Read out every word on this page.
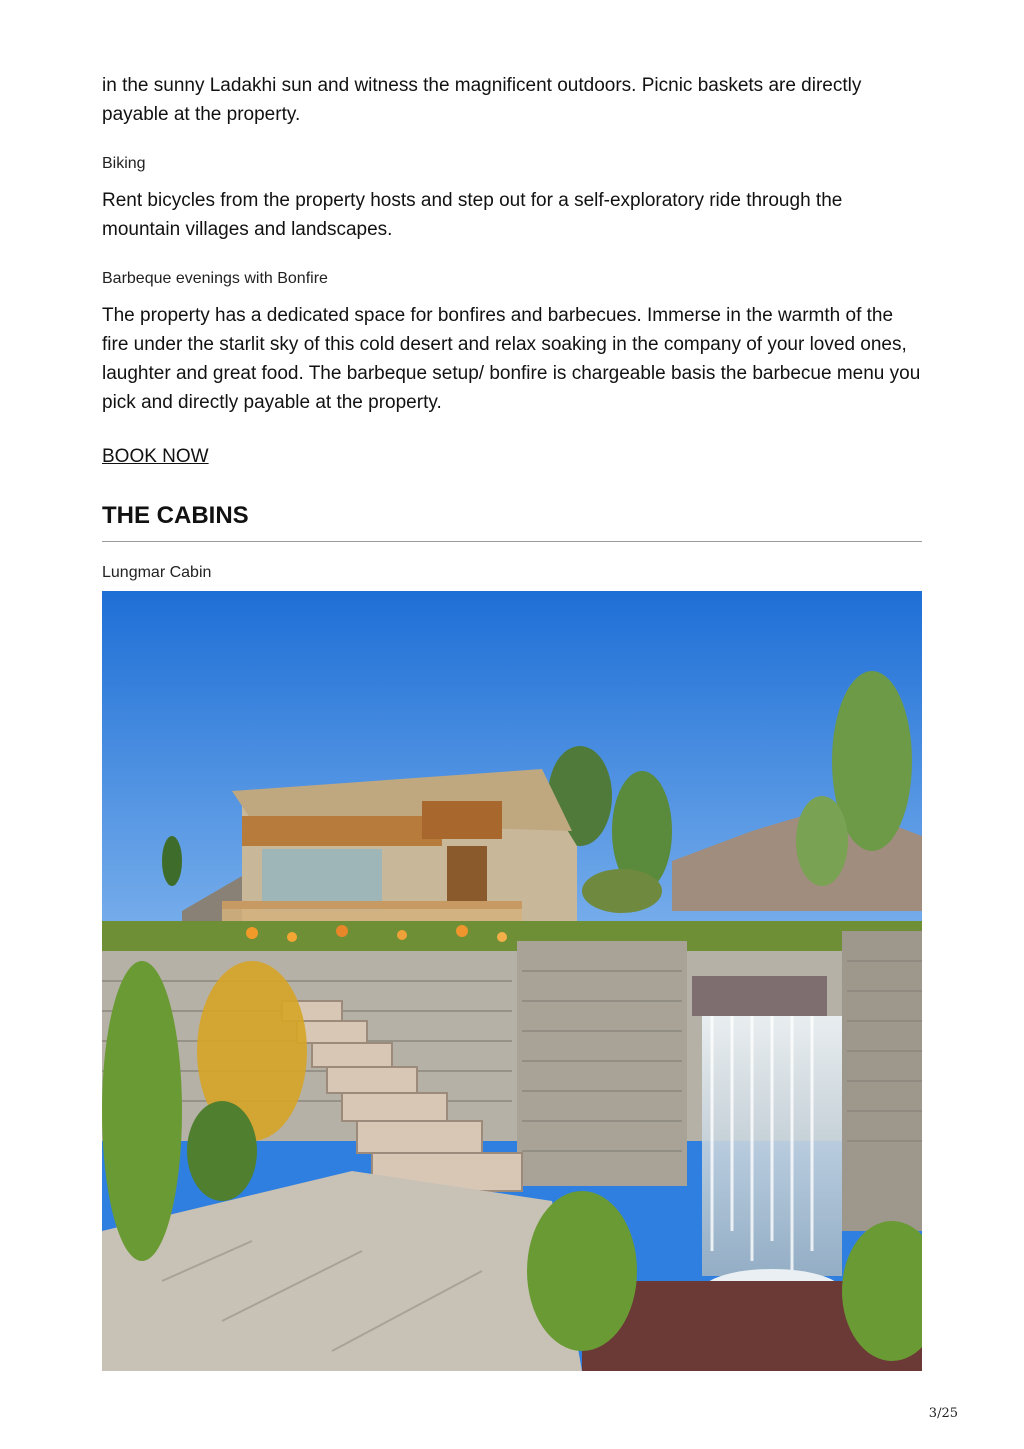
in the sunny Ladakhi sun and witness the magnificent outdoors. Picnic baskets are directly payable at the property.

Biking

Rent bicycles from the property hosts and step out for a self-exploratory ride through the mountain villages and landscapes.

Barbeque evenings with Bonfire

The property has a dedicated space for bonfires and barbecues. Immerse in the warmth of the fire under the starlit sky of this cold desert and relax soaking in the company of your loved ones, laughter and great food. The barbeque setup/ bonfire is chargeable basis the barbecue menu you pick and directly payable at the property.

BOOK NOW
THE CABINS

Lungmar Cabin

3/25
